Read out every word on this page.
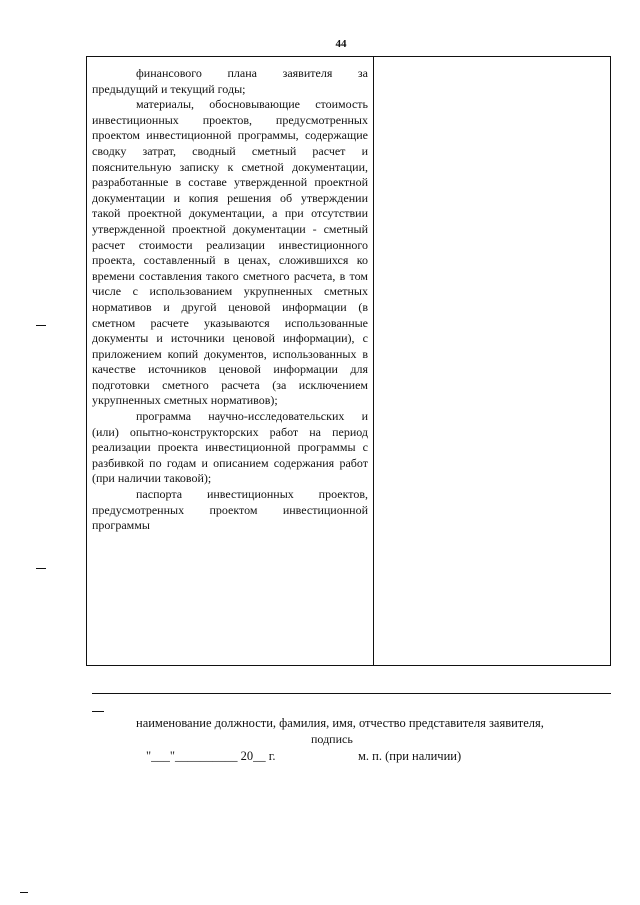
44

финансового плана заявителя за предыдущий и текущий годы;

материалы, обосновывающие стоимость инвестиционных проектов, предусмотренных проектом инвестиционной программы, содержащие сводку затрат, сводный сметный расчет и пояснительную записку к сметной документации, разработанные в составе утвержденной проектной документации и копия решения об утверждении такой проектной документации, а при отсутствии утвержденной проектной документации - сметный расчет стоимости реализации инвестиционного проекта, составленный в ценах, сложившихся ко времени составления такого сметного расчета, в том числе с использованием укрупненных сметных нормативов и другой ценовой информации (в сметном расчете указываются использованные документы и источники ценовой информации), с приложением копий документов, использованных в качестве источников ценовой информации для подготовки сметного расчета (за исключением укрупненных сметных нормативов);

программа научно-исследовательских и (или) опытно-конструкторских работ на период реализации проекта инвестиционной программы с разбивкой по годам и описанием содержания работ (при наличии таковой);

паспорта инвестиционных проектов, предусмотренных проектом инвестиционной программы

наименование должности, фамилия, имя, отчество представителя заявителя,
подпись
"___"__________ 20__ г.	м. п. (при наличии)
